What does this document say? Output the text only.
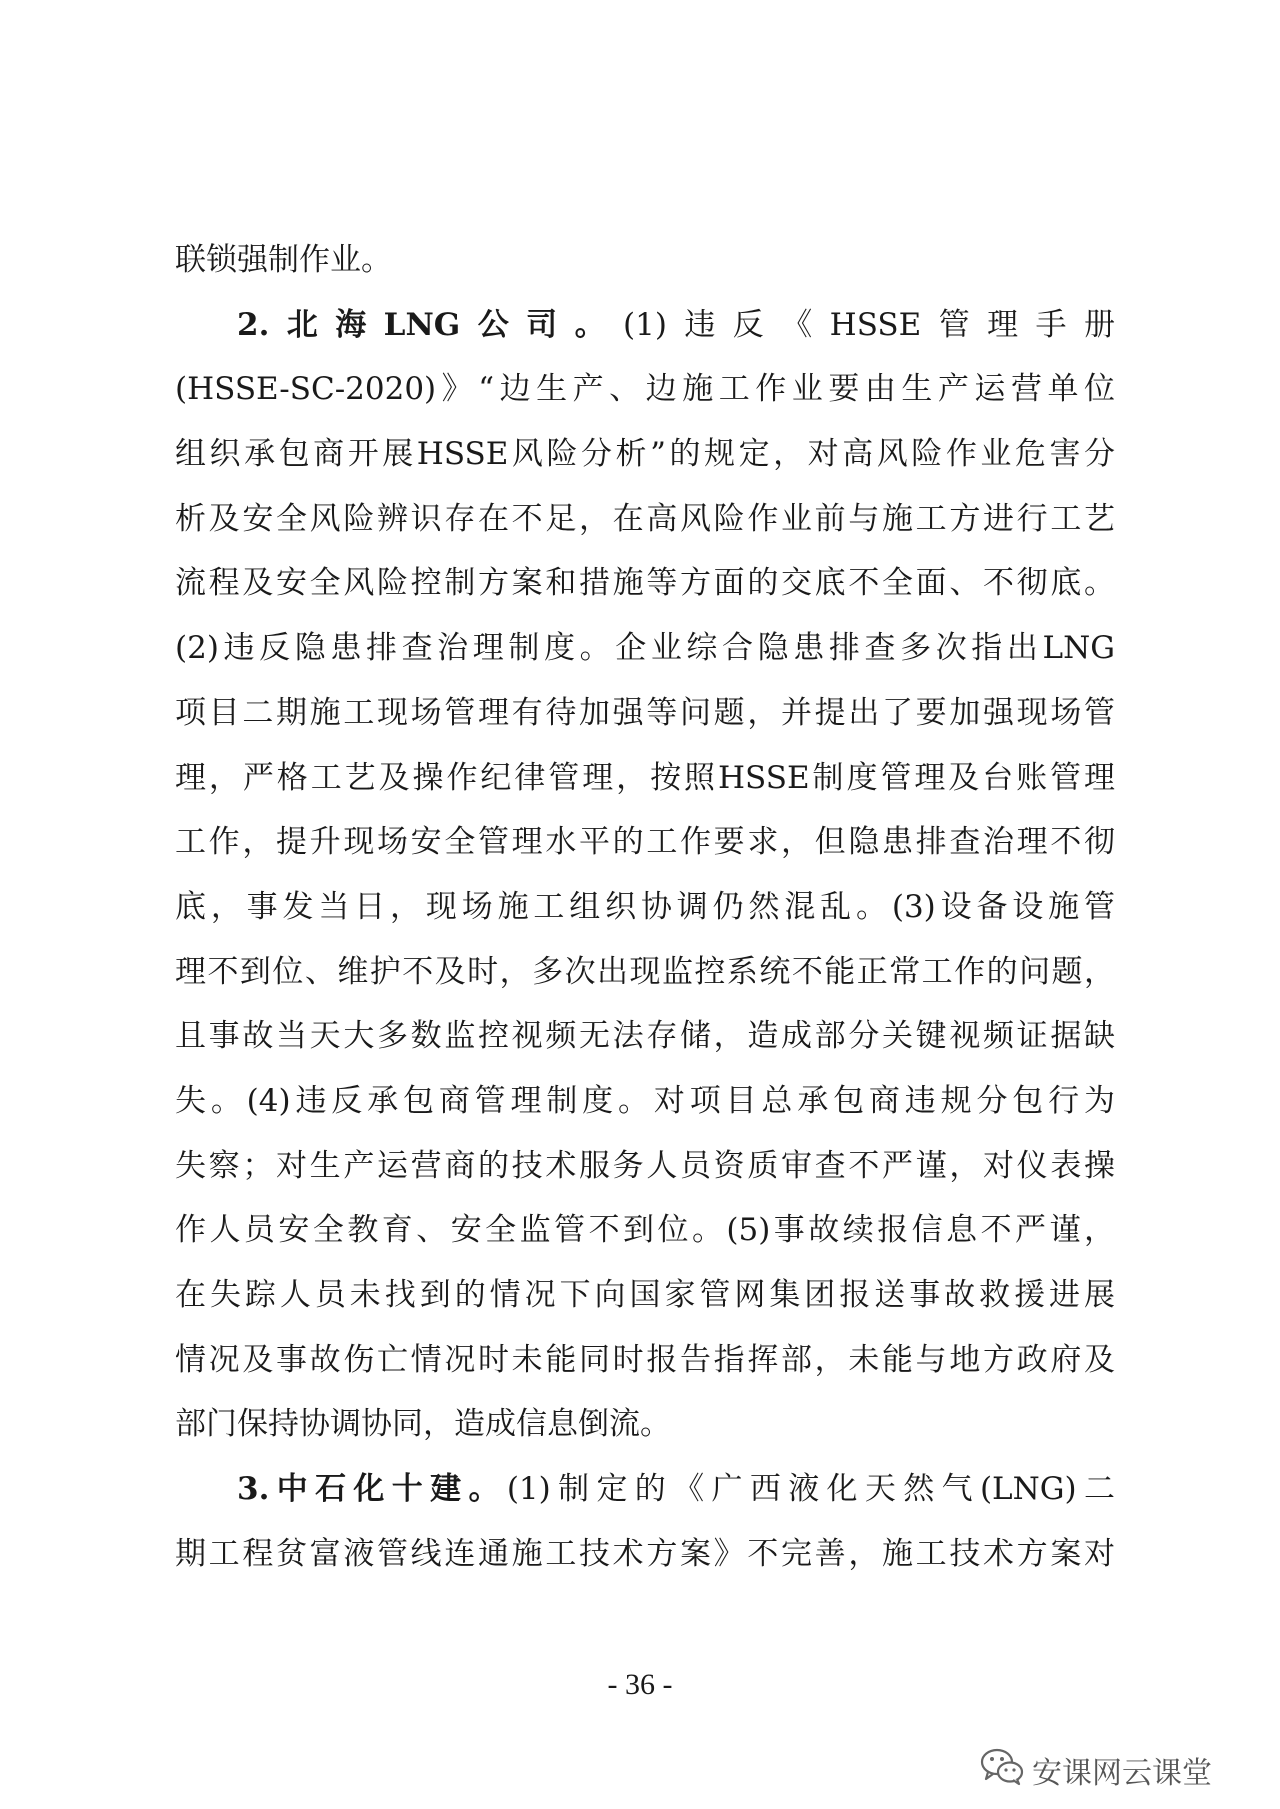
联锁强制作业。
2.北海LNG公司。(1)违反《HSSE管理手册
(HSSE-SC-2020)》“边生产、边施工作业要由生产运营单位
组织承包商开展HSSE风险分析”的规定，对高风险作业危害分
析及安全风险辨识存在不足，在高风险作业前与施工方进行工艺
流程及安全风险控制方案和措施等方面的交底不全面、不彻底。
(2)违反隐患排查治理制度。企业综合隐患排查多次指出LNG
项目二期施工现场管理有待加强等问题，并提出了要加强现场管
理，严格工艺及操作纪律管理，按照HSSE制度管理及台账管理
工作，提升现场安全管理水平的工作要求，但隐患排查治理不彻
底，事发当日，现场施工组织协调仍然混乱。(3)设备设施管
理不到位、维护不及时，多次出现监控系统不能正常工作的问题，
且事故当天大多数监控视频无法存储，造成部分关键视频证据缺
失。(4)违反承包商管理制度。对项目总承包商违规分包行为
失察；对生产运营商的技术服务人员资质审查不严谨，对仪表操
作人员安全教育、安全监管不到位。(5)事故续报信息不严谨，
在失踪人员未找到的情况下向国家管网集团报送事故救援进展
情况及事故伤亡情况时未能同时报告指挥部，未能与地方政府及
部门保持协调协同，造成信息倒流。
3.中石化十建。(1)制定的《广西液化天然气(LNG)二
期工程贫富液管线连通施工技术方案》不完善，施工技术方案对
- 36 -
安课网云课堂
